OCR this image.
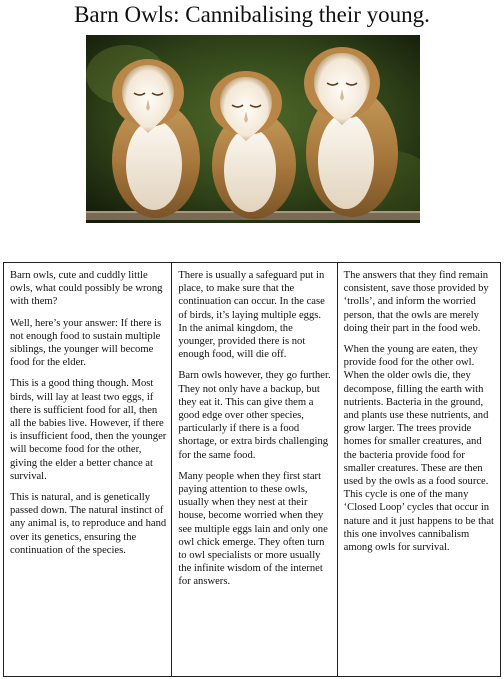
Barn Owls: Cannibalising their young.

Barn owls, cute and cuddly little owls, what could possibly be wrong with them?

Well, here’s your answer: If there is not enough food to sustain multiple siblings, the younger will become food for the elder.

This is a good thing though. Most birds, will lay at least two eggs, if there is sufficient food for all, then all the babies live. However, if there is insufficient food, then the younger will become food for the other, giving the elder a better chance at survival.

This is natural, and is genetically passed down. The natural instinct of any animal is, to reproduce and hand over its genetics, ensuring the continuation of the species.

There is usually a safeguard put in place, to make sure that the continuation can occur. In the case of birds, it’s laying multiple eggs. In the animal kingdom, the younger, provided there is not enough food, will die off.

Barn owls however, they go further. They not only have a backup, but they eat it. This can give them a good edge over other species, particularly if there is a food shortage, or extra birds challenging for the same food.

Many people when they first start paying attention to these owls, usually when they nest at their house, become worried when they see multiple eggs lain and only one owl chick emerge. They often turn to owl specialists or more usually the infinite wisdom of the internet for answers.

The answers that they find remain consistent, save those provided by ‘trolls’, and inform the worried person, that the owls are merely doing their part in the food web.

When the young are eaten, they provide food for the other owl. When the older owls die, they decompose, filling the earth with nutrients. Bacteria in the ground, and plants use these nutrients, and grow larger. The trees provide homes for smaller creatures, and the bacteria provide food for smaller creatures. These are then used by the owls as a food source. This cycle is one of the many ‘Closed Loop’ cycles that occur in nature and it just happens to be that this one involves cannibalism among owls for survival.
